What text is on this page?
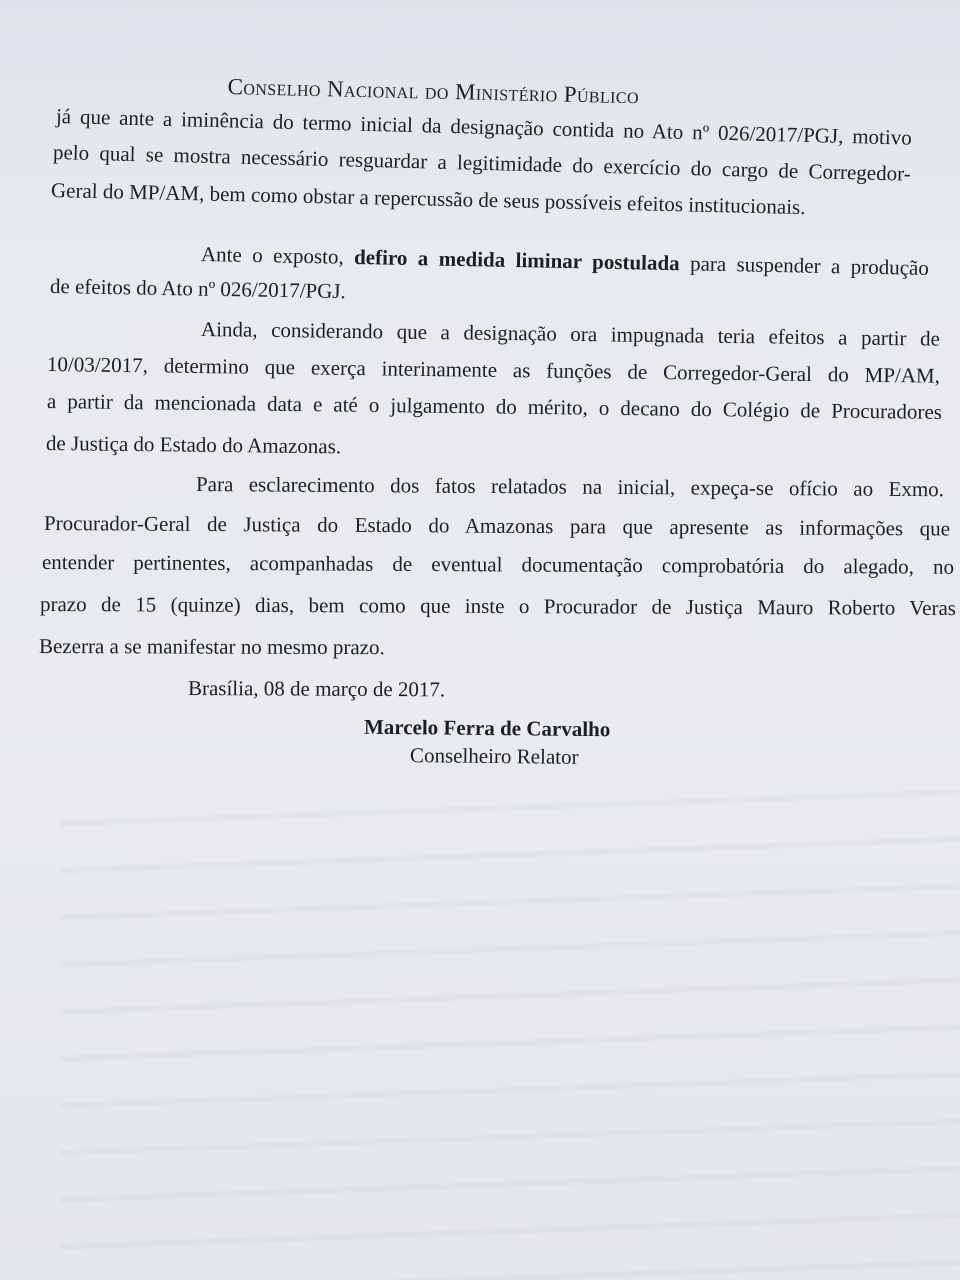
Conselho Nacional do Ministério Público
já que ante a iminência do termo inicial da designação contida no Ato nº 026/2017/PGJ, motivo
pelo qual se mostra necessário resguardar a legitimidade do exercício do cargo de Corregedor-
Geral do MP/AM, bem como obstar a repercussão de seus possíveis efeitos institucionais.
Ante o exposto, defiro a medida liminar postulada para suspender a produção
de efeitos do Ato nº 026/2017/PGJ.
Ainda, considerando que a designação ora impugnada teria efeitos a partir de
10/03/2017, determino que exerça interinamente as funções de Corregedor-Geral do MP/AM,
a partir da mencionada data e até o julgamento do mérito, o decano do Colégio de Procuradores
de Justiça do Estado do Amazonas.
Para esclarecimento dos fatos relatados na inicial, expeça-se ofício ao Exmo.
Procurador-Geral de Justiça do Estado do Amazonas para que apresente as informações que
entender pertinentes, acompanhadas de eventual documentação comprobatória do alegado, no
prazo de 15 (quinze) dias, bem como que inste o Procurador de Justiça Mauro Roberto Veras
Bezerra a se manifestar no mesmo prazo.
Brasília, 08 de março de 2017.
Marcelo Ferra de Carvalho
Conselheiro Relator
